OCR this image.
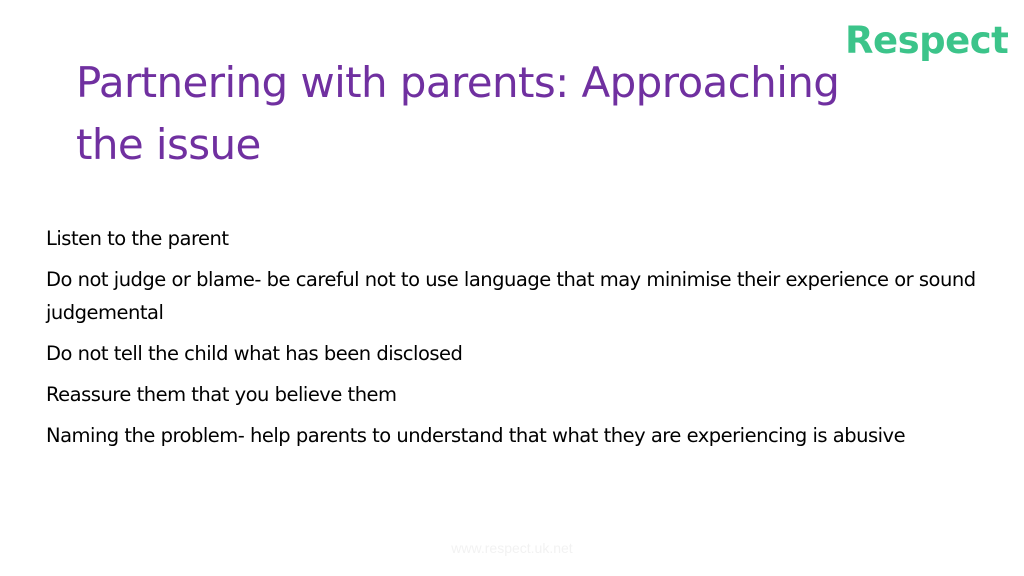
Respect
Partnering with parents: Approaching the issue
Listen to the parent
Do not judge or blame- be careful not to use language that may minimise their experience or sound judgemental
Do not tell the child what has been disclosed
Reassure them that you believe them
Naming the problem- help parents to understand that what they are experiencing is abusive
www.respect.uk.net
